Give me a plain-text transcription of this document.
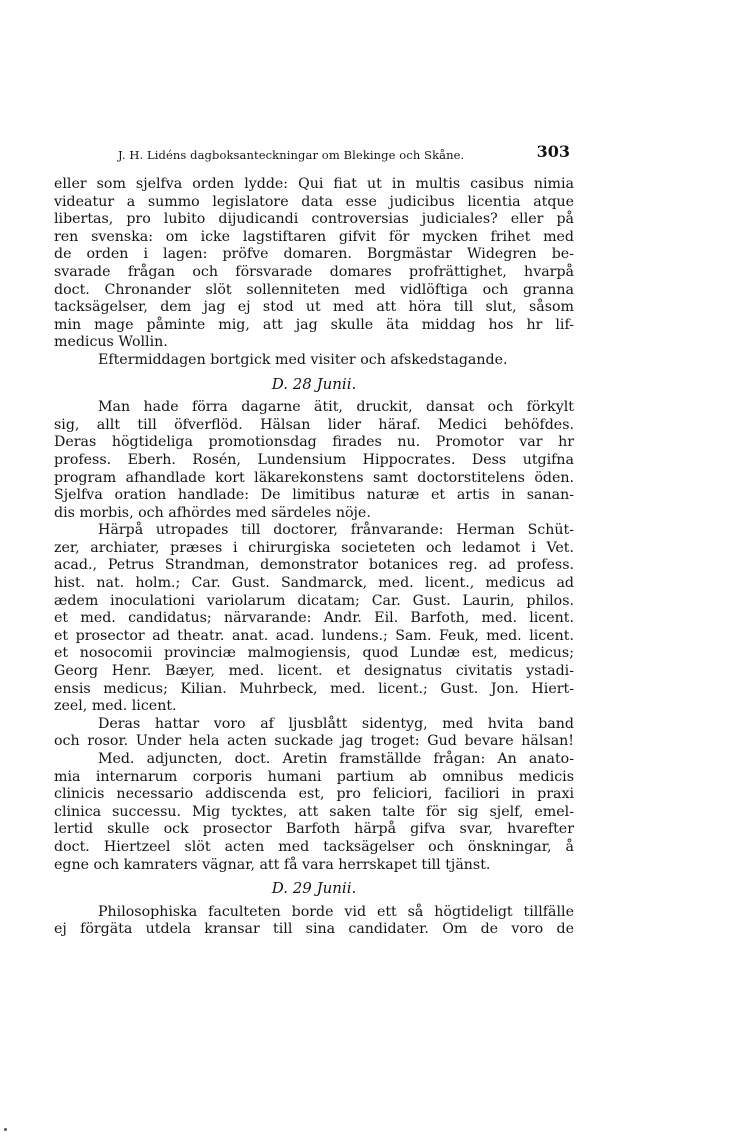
J. H. Lidéns dagboksanteckningar om Blekinge och Skåne.	303
eller som sjelfva orden lydde: Qui fiat ut in multis casibus nimia
videatur a summo legislatore data esse judicibus licentia atque
libertas, pro lubito dijudicandi controversias judiciales? eller på
ren svenska: om icke lagstiftaren gifvit för mycken frihet med
de orden i lagen: pröfve domaren. Borgmästar Widegren be-
svarade frågan och försvarade domares profrättighet, hvarpå
doct. Chronander slöt sollenniteten med vidlöftiga och granna
tacksägelser, dem jag ej stod ut med att höra till slut, såsom
min mage påminte mig, att jag skulle äta middag hos hr lif-
medicus Wollin.
Eftermiddagen bortgick med visiter och afskedstagande.
D. 28 Junii.
Man hade förra dagarne ätit, druckit, dansat och förkylt
sig, allt till öfverflöd. Hälsan lider häraf. Medici behöfdes.
Deras högtideliga promotionsdag firades nu. Promotor var hr
profess. Eberh. Rosén, Lundensium Hippocrates. Dess utgifna
program afhandlade kort läkarekonstens samt doctorstitelens öden.
Sjelfva oration handlade: De limitibus naturæ et artis in sanan-
dis morbis, och afhördes med särdeles nöje.
Härpå utropades till doctorer, frånvarande: Herman Schüt-
zer, archiater, præses i chirurgiska societeten och ledamot i Vet.
acad., Petrus Strandman, demonstrator botanices reg. ad profess.
hist. nat. holm.; Car. Gust. Sandmarck, med. licent., medicus ad
ædem inoculationi variolarum dicatam; Car. Gust. Laurin, philos.
et med. candidatus; närvarande: Andr. Eil. Barfoth, med. licent.
et prosector ad theatr. anat. acad. lundens.; Sam. Feuk, med. licent.
et nosocomii provinciæ malmogiensis, quod Lundæ est, medicus;
Georg Henr. Bæyer, med. licent. et designatus civitatis ystadi-
ensis medicus; Kilian. Muhrbeck, med. licent.; Gust. Jon. Hiert-
zeel, med. licent.
Deras hattar voro af ljusblått sidentyg, med hvita band
och rosor. Under hela acten suckade jag troget: Gud bevare hälsan!
Med. adjuncten, doct. Aretin framställde frågan: An anato-
mia internarum corporis humani partium ab omnibus medicis
clinicis necessario addiscenda est, pro feliciori, faciliori in praxi
clinica successu. Mig tycktes, att saken talte för sig sjelf, emel-
lertid skulle ock prosector Barfoth härpå gifva svar, hvarefter
doct. Hiertzeel slöt acten med tacksägelser och önskningar, å
egne och kamraters vägnar, att få vara herrskapet till tjänst.
D. 29 Junii.
Philosophiska faculteten borde vid ett så högtideligt tillfälle
ej förgäta utdela kransar till sina candidater. Om de voro de
